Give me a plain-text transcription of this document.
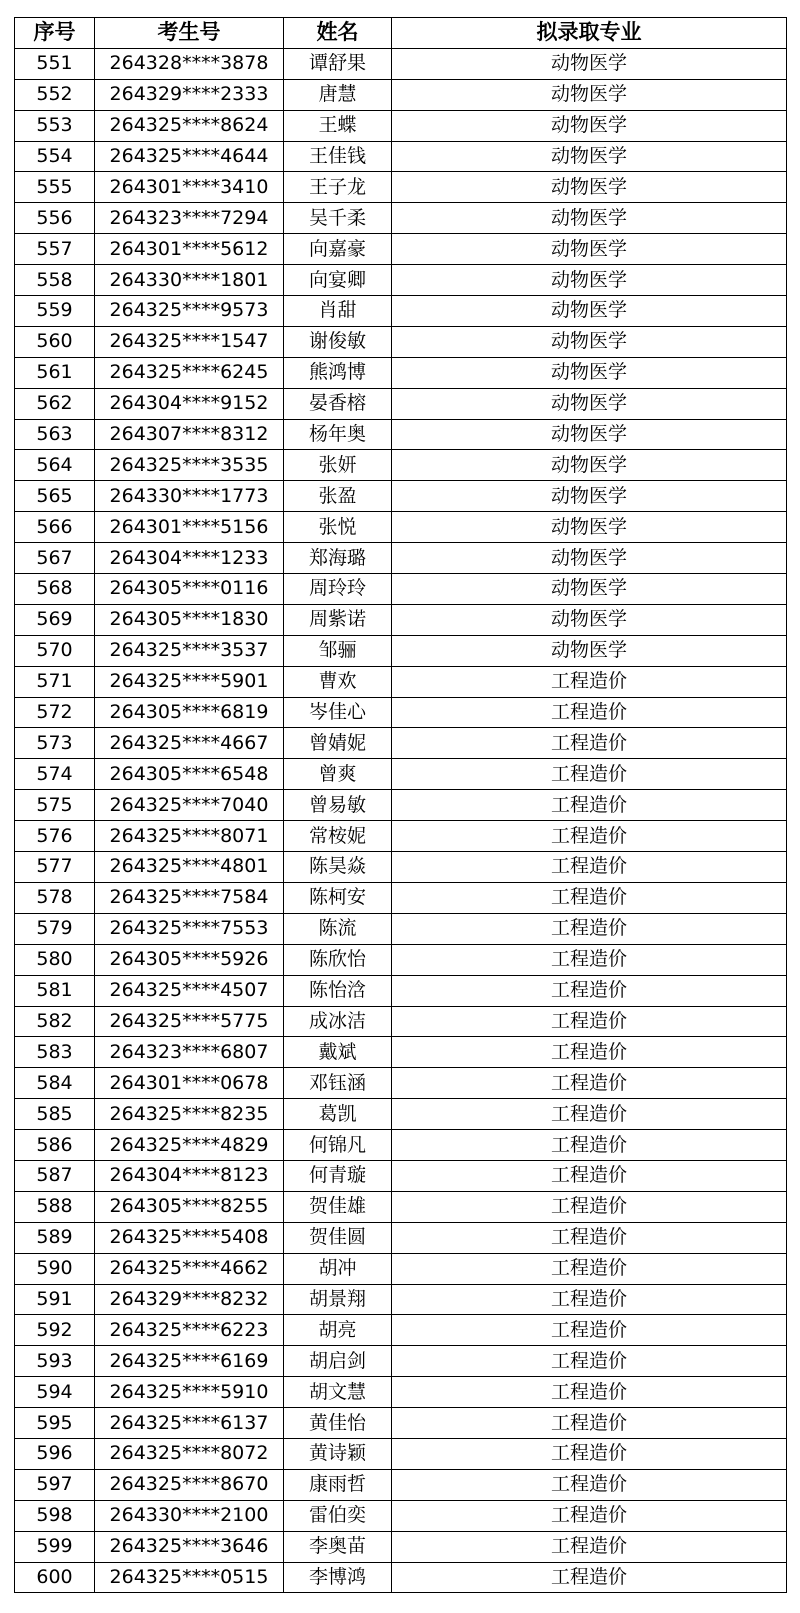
序号	考生号	姓名	拟录取专业
551	264328****3878	谭舒果	动物医学
552	264329****2333	唐慧	动物医学
553	264325****8624	王蝶	动物医学
554	264325****4644	王佳钱	动物医学
555	264301****3410	王子龙	动物医学
556	264323****7294	吴千柔	动物医学
557	264301****5612	向嘉豪	动物医学
558	264330****1801	向宴卿	动物医学
559	264325****9573	肖甜	动物医学
560	264325****1547	谢俊敏	动物医学
561	264325****6245	熊鸿博	动物医学
562	264304****9152	晏香榕	动物医学
563	264307****8312	杨年奥	动物医学
564	264325****3535	张妍	动物医学
565	264330****1773	张盈	动物医学
566	264301****5156	张悦	动物医学
567	264304****1233	郑海璐	动物医学
568	264305****0116	周玲玲	动物医学
569	264305****1830	周紫诺	动物医学
570	264325****3537	邹骊	动物医学
571	264325****5901	曹欢	工程造价
572	264305****6819	岑佳心	工程造价
573	264325****4667	曾婧妮	工程造价
574	264305****6548	曾爽	工程造价
575	264325****7040	曾易敏	工程造价
576	264325****8071	常桉妮	工程造价
577	264325****4801	陈昊焱	工程造价
578	264325****7584	陈柯安	工程造价
579	264325****7553	陈流	工程造价
580	264305****5926	陈欣怡	工程造价
581	264325****4507	陈怡浛	工程造价
582	264325****5775	成冰洁	工程造价
583	264323****6807	戴斌	工程造价
584	264301****0678	邓钰涵	工程造价
585	264325****8235	葛凯	工程造价
586	264325****4829	何锦凡	工程造价
587	264304****8123	何青璇	工程造价
588	264305****8255	贺佳雄	工程造价
589	264325****5408	贺佳圆	工程造价
590	264325****4662	胡冲	工程造价
591	264329****8232	胡景翔	工程造价
592	264325****6223	胡亮	工程造价
593	264325****6169	胡启剑	工程造价
594	264325****5910	胡文慧	工程造价
595	264325****6137	黄佳怡	工程造价
596	264325****8072	黄诗颖	工程造价
597	264325****8670	康雨哲	工程造价
598	264330****2100	雷伯奕	工程造价
599	264325****3646	李奥苗	工程造价
600	264325****0515	李博鸿	工程造价
